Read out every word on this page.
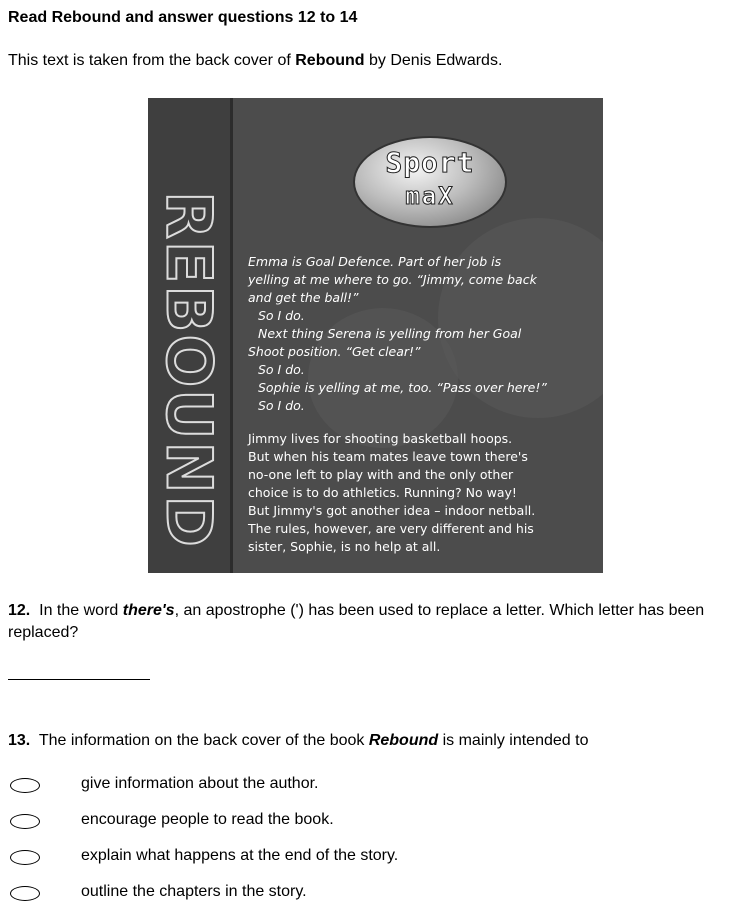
Read Rebound and answer questions 12 to 14
This text is taken from the back cover of Rebound by Denis Edwards.
REBOUND
Sport
maX
Emma is Goal Defence. Part of her job is
yelling at me where to go. “Jimmy, come back
and get the ball!”
So I do.
Next thing Serena is yelling from her Goal
Shoot position. “Get clear!”
So I do.
Sophie is yelling at me, too. “Pass over here!”
So I do.
Jimmy lives for shooting basketball hoops.
But when his team mates leave town there's
no-one left to play with and the only other
choice is to do athletics. Running? No way!
But Jimmy's got another idea – indoor netball.
The rules, however, are very different and his
sister, Sophie, is no help at all.
12. In the word there's, an apostrophe (') has been used to replace a letter. Which letter has been replaced?
13. The information on the back cover of the book Rebound is mainly intended to
give information about the author.
encourage people to read the book.
explain what happens at the end of the story.
outline the chapters in the story.
